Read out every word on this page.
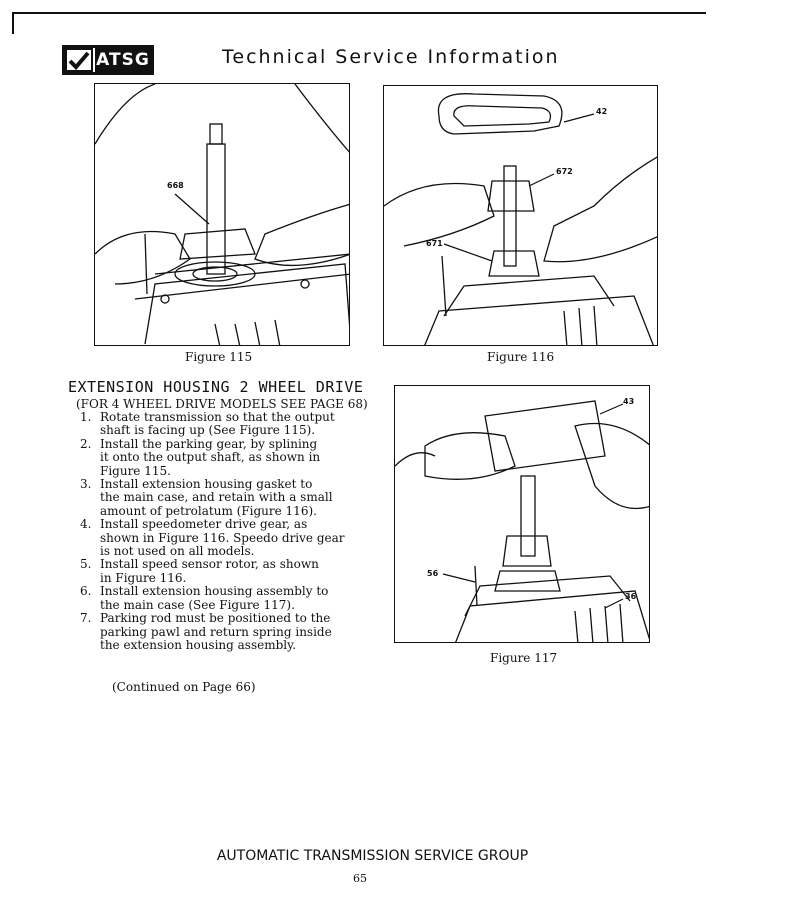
ATSG	Technical Service Information
668
Figure 115
42
672
671
Figure 116
43
56
36
Figure 117
EXTENSION HOUSING 2 WHEEL DRIVE
(FOR 4 WHEEL DRIVE MODELS SEE PAGE 68)
1. Rotate transmission so that the output
shaft is facing up (See Figure 115).
2. Install the parking gear, by splining
it onto the output shaft, as shown in
Figure 115.
3. Install extension housing gasket to
the main case, and retain with a small
amount of petrolatum (Figure 116).
4. Install speedometer drive gear, as
shown in Figure 116. Speedo drive gear
is not used on all models.
5. Install speed sensor rotor, as shown
in Figure 116.
6. Install extension housing assembly to
the main case (See Figure 117).
7. Parking rod must be positioned to the
parking pawl and return spring inside
the extension housing assembly.
(Continued on Page 66)
AUTOMATIC TRANSMISSION SERVICE GROUP
65
